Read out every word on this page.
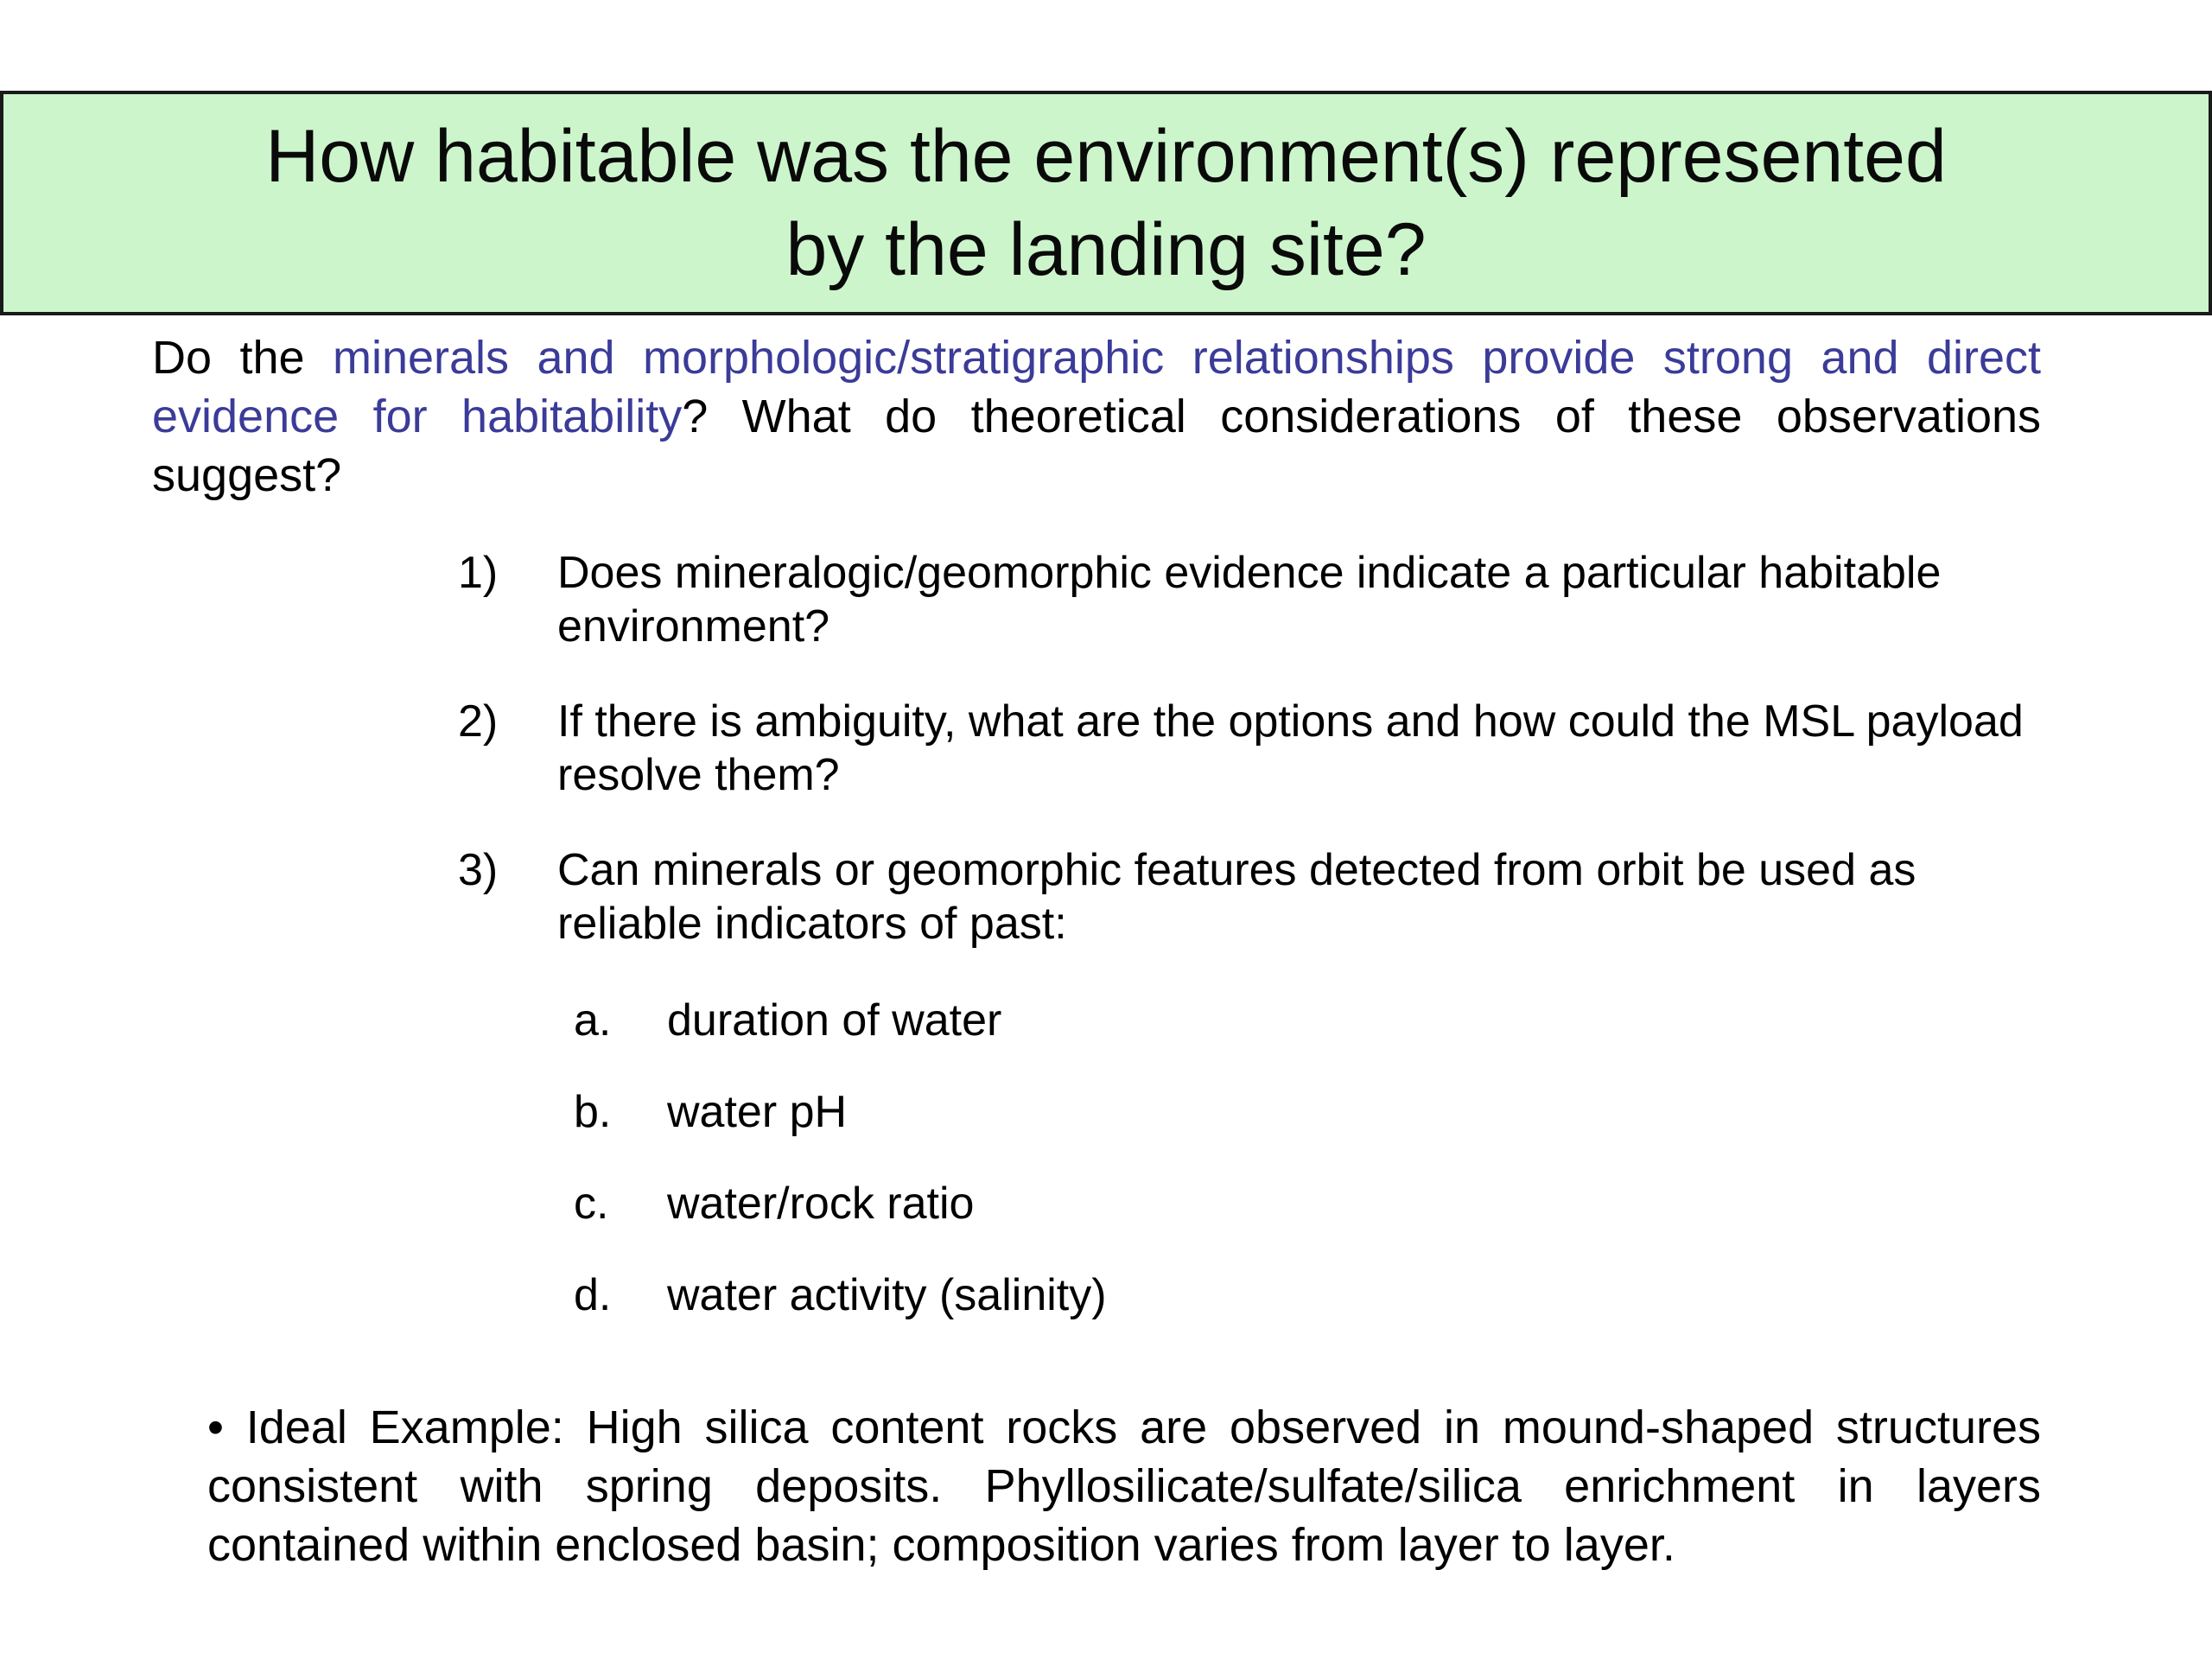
How habitable was the environment(s) represented
by the landing site?

Do the minerals and morphologic/stratigraphic relationships provide strong and direct evidence for habitability? What do theoretical considerations of these observations suggest?

1)	Does mineralogic/geomorphic evidence indicate a particular habitable environment?
2)	If there is ambiguity, what are the options and how could the MSL payload resolve them?
3)	Can minerals or geomorphic features detected from orbit be used as reliable indicators of past:
a.	duration of water
b.	water pH
c.	water/rock ratio
d.	water activity (salinity)

• Ideal Example: High silica content rocks are observed in mound-shaped structures consistent with spring deposits. Phyllosilicate/sulfate/silica enrichment in layers contained within enclosed basin; composition varies from layer to layer.
